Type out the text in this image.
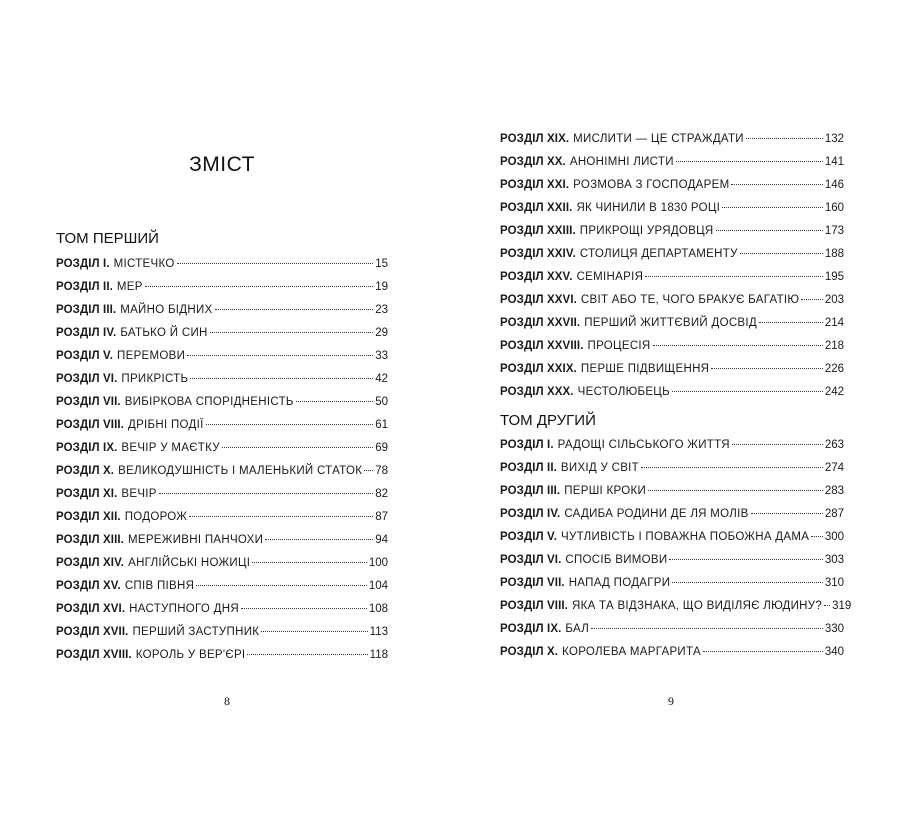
ЗМІСТ
ТОМ ПЕРШИЙ
РОЗДІЛ I. МІСТЕЧКО	15
РОЗДІЛ II. МЕР	19
РОЗДІЛ III. МАЙНО БІДНИХ	23
РОЗДІЛ IV. БАТЬКО Й СИН	29
РОЗДІЛ V. ПЕРЕМОВИ	33
РОЗДІЛ VI. ПРИКРІСТЬ	42
РОЗДІЛ VII. ВИБІРКОВА СПОРІДНЕНІСТЬ	50
РОЗДІЛ VIII. ДРІБНІ ПОДІЇ	61
РОЗДІЛ IX. ВЕЧІР У МАЄТКУ	69
РОЗДІЛ X. ВЕЛИКОДУШНІСТЬ І МАЛЕНЬКИЙ СТАТОК 78
РОЗДІЛ XI. ВЕЧІР	82
РОЗДІЛ XII. ПОДОРОЖ	87
РОЗДІЛ XIII. МЕРЕЖИВНІ ПАНЧОХИ	94
РОЗДІЛ XIV. АНГЛІЙСЬКІ НОЖИЦІ	100
РОЗДІЛ XV. СПІВ ПІВНЯ	104
РОЗДІЛ XVI. НАСТУПНОГО ДНЯ	108
РОЗДІЛ XVII. ПЕРШИЙ ЗАСТУПНИК	113
РОЗДІЛ XVIII. КОРОЛЬ У ВЕР'ЄРІ	118
8
РОЗДІЛ XIX. МИСЛИТИ — ЦЕ СТРАЖДАТИ	132
РОЗДІЛ XX. АНОНІМНІ ЛИСТИ	141
РОЗДІЛ XXI. РОЗМОВА З ГОСПОДАРЕМ	146
РОЗДІЛ XXII. ЯК ЧИНИЛИ В 1830 РОЦІ	160
РОЗДІЛ XXIII. ПРИКРОЩІ УРЯДОВЦЯ	173
РОЗДІЛ XXIV. СТОЛИЦЯ ДЕПАРТАМЕНТУ	188
РОЗДІЛ XXV. СЕМІНАРІЯ	195
РОЗДІЛ XXVI. СВІТ АБО ТЕ, ЧОГО БРАКУЄ БАГАТІЮ 203
РОЗДІЛ XXVII. ПЕРШИЙ ЖИТТЄВИЙ ДОСВІД	214
РОЗДІЛ XXVIII. ПРОЦЕСІЯ	218
РОЗДІЛ XXIX. ПЕРШЕ ПІДВИЩЕННЯ	226
РОЗДІЛ XXX. ЧЕСТОЛЮБЕЦЬ	242
ТОМ ДРУГИЙ
РОЗДІЛ I. РАДОЩІ СІЛЬСЬКОГО ЖИТТЯ	263
РОЗДІЛ II. ВИХІД У СВІТ	274
РОЗДІЛ III. ПЕРШІ КРОКИ	283
РОЗДІЛ IV. САДИБА РОДИНИ ДЕ ЛЯ МОЛІВ	287
РОЗДІЛ V. ЧУТЛИВІСТЬ І ПОВАЖНА ПОБОЖНА ДАМА 300
РОЗДІЛ VI. СПОСІБ ВИМОВИ	303
РОЗДІЛ VII. НАПАД ПОДАГРИ	310
РОЗДІЛ VIII. ЯКА ТА ВІДЗНАКА, ЩО ВИДІЛЯЄ ЛЮДИНУ? 319
РОЗДІЛ IX. БАЛ	330
РОЗДІЛ X. КОРОЛЕВА МАРГАРИТА	340
9
